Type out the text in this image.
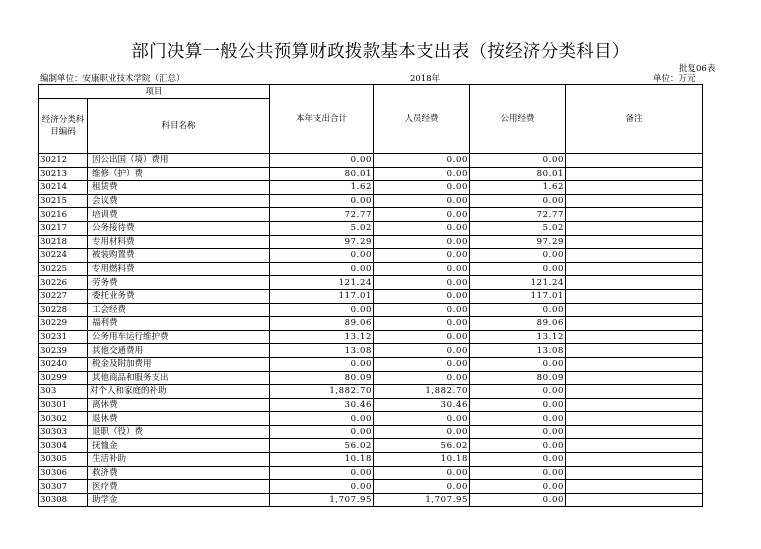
部门决算一般公共预算财政拨款基本支出表（按经济分类科目）
批复06表
编制单位：安康职业技术学院（汇总）	2018年	单位：万元
项目		本年支出合计	人员经费	公用经费	备注
经济分类科目编码	科目名称				
30212	因公出国（境）费用	0.00	0.00	0.00	
30213	维修（护）费	80.01	0.00	80.01	
30214	租赁费	1.62	0.00	1.62	
30215	会议费	0.00	0.00	0.00	
30216	培训费	72.77	0.00	72.77	
30217	公务接待费	5.02	0.00	5.02	
30218	专用材料费	97.29	0.00	97.29	
30224	被装购置费	0.00	0.00	0.00	
30225	专用燃料费	0.00	0.00	0.00	
30226	劳务费	121.24	0.00	121.24	
30227	委托业务费	117.01	0.00	117.01	
30228	工会经费	0.00	0.00	0.00	
30229	福利费	89.06	0.00	89.06	
30231	公务用车运行维护费	13.12	0.00	13.12	
30239	其他交通费用	13.08	0.00	13.08	
30240	税金及附加费用	0.00	0.00	0.00	
30299	其他商品和服务支出	80.09	0.00	80.09	
303	对个人和家庭的补助	1,882.70	1,882.70	0.00	
30301	离休费	30.46	30.46	0.00	
30302	退休费	0.00	0.00	0.00	
30303	退职（役）费	0.00	0.00	0.00	
30304	抚恤金	56.02	56.02	0.00	
30305	生活补助	10.18	10.18	0.00	
30306	救济费	0.00	0.00	0.00	
30307	医疗费	0.00	0.00	0.00	
30308	助学金	1,707.95	1,707.95	0.00	
